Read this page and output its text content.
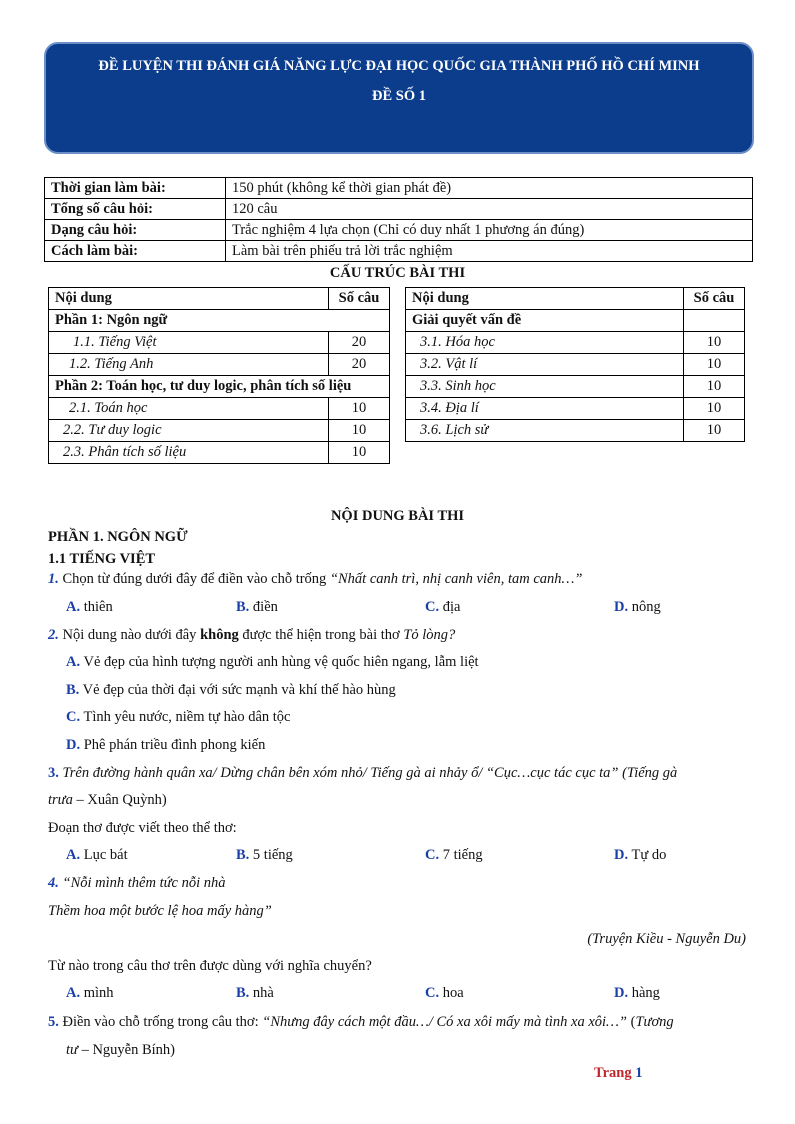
ĐỀ LUYỆN THI ĐÁNH GIÁ NĂNG LỰC ĐẠI HỌC QUỐC GIA THÀNH PHỐ HỒ CHÍ MINH
ĐỀ SỐ 1
Thời gian làm bài:	150 phút (không kể thời gian phát đề)
Tổng số câu hỏi:	120 câu
Dạng câu hỏi:	Trắc nghiệm 4 lựa chọn (Chỉ có duy nhất 1 phương án đúng)
Cách làm bài:	Làm bài trên phiếu trả lời trắc nghiệm
CẤU TRÚC BÀI THI
Nội dung	Số câu
Phần 1: Ngôn ngữ	
1.1. Tiếng Việt	20
1.2. Tiếng Anh	20
Phần 2: Toán học, tư duy logic, phân tích số liệu	
2.1. Toán học	10
2.2. Tư duy logic	10
2.3. Phân tích số liệu	10
Nội dung	Số câu
Giải quyết vấn đề	
3.1. Hóa học	10
3.2. Vật lí	10
3.3. Sinh học	10
3.4. Địa lí	10
3.6. Lịch sử	10
NỘI DUNG BÀI THI
PHẦN 1. NGÔN NGỮ
1.1 TIẾNG VIỆT
1. Chọn từ đúng dưới đây để điền vào chỗ trống “Nhất canh trì, nhị canh viên, tam canh…”
A. thiên	B. điền	C. địa	D. nông
2. Nội dung nào dưới đây không được thể hiện trong bài thơ Tỏ lòng?
A. Vẻ đẹp của hình tượng người anh hùng vệ quốc hiên ngang, lẫm liệt
B. Vẻ đẹp của thời đại với sức mạnh và khí thế hào hùng
C. Tình yêu nước, niềm tự hào dân tộc
D. Phê phán triều đình phong kiến
3. Trên đường hành quân xa/ Dừng chân bên xóm nhỏ/ Tiếng gà ai nhảy ổ/ “Cục…cục tác cục ta” (Tiếng gà
trưa – Xuân Quỳnh)
Đoạn thơ được viết theo thể thơ:
A. Lục bát	B. 5 tiếng	C. 7 tiếng	D. Tự do
4. “Nỗi mình thêm tức nỗi nhà
Thềm hoa một bước lệ hoa mấy hàng”
(Truyện Kiều - Nguyễn Du)
Từ nào trong câu thơ trên được dùng với nghĩa chuyển?
A. mình	B. nhà	C. hoa	D. hàng
5. Điền vào chỗ trống trong câu thơ: “Nhưng đây cách một đầu…/ Có xa xôi mấy mà tình xa xôi…” (Tương
tư – Nguyễn Bính)
Trang 1
